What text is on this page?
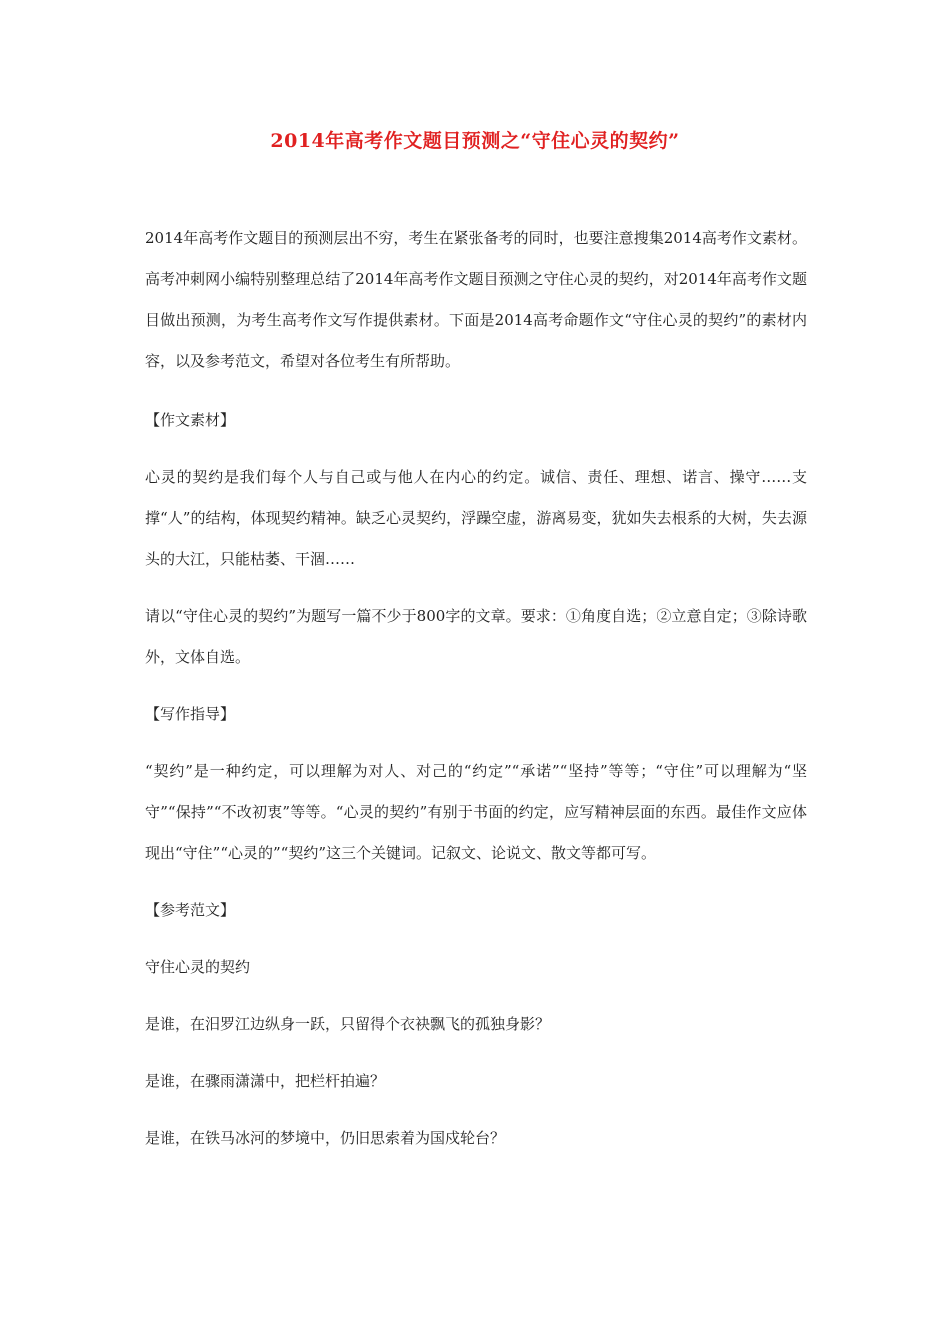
2014年高考作文题目预测之“守住心灵的契约”

2014年高考作文题目的预测层出不穷，考生在紧张备考的同时，也要注意搜集2014高考作文素材。高考冲刺网小编特别整理总结了2014年高考作文题目预测之守住心灵的契约，对2014年高考作文题目做出预测，为考生高考作文写作提供素材。下面是2014高考命题作文“守住心灵的契约”的素材内容，以及参考范文，希望对各位考生有所帮助。

【作文素材】

心灵的契约是我们每个人与自己或与他人在内心的约定。诚信、责任、理想、诺言、操守……支撑“人”的结构，体现契约精神。缺乏心灵契约，浮躁空虚，游离易变，犹如失去根系的大树，失去源头的大江，只能枯萎、干涸……

请以“守住心灵的契约”为题写一篇不少于800字的文章。要求：①角度自选；②立意自定；③除诗歌外，文体自选。

【写作指导】

“契约”是一种约定，可以理解为对人、对己的“约定”“承诺”“坚持”等等；“守住”可以理解为“坚守”“保持”“不改初衷”等等。“心灵的契约”有别于书面的约定，应写精神层面的东西。最佳作文应体现出“守住”“心灵的”“契约”这三个关键词。记叙文、论说文、散文等都可写。

【参考范文】

守住心灵的契约

是谁，在汨罗江边纵身一跃，只留得个衣袂飘飞的孤独身影？

是谁，在骤雨潇潇中，把栏杆拍遍？

是谁，在铁马冰河的梦境中，仍旧思索着为国戍轮台？
